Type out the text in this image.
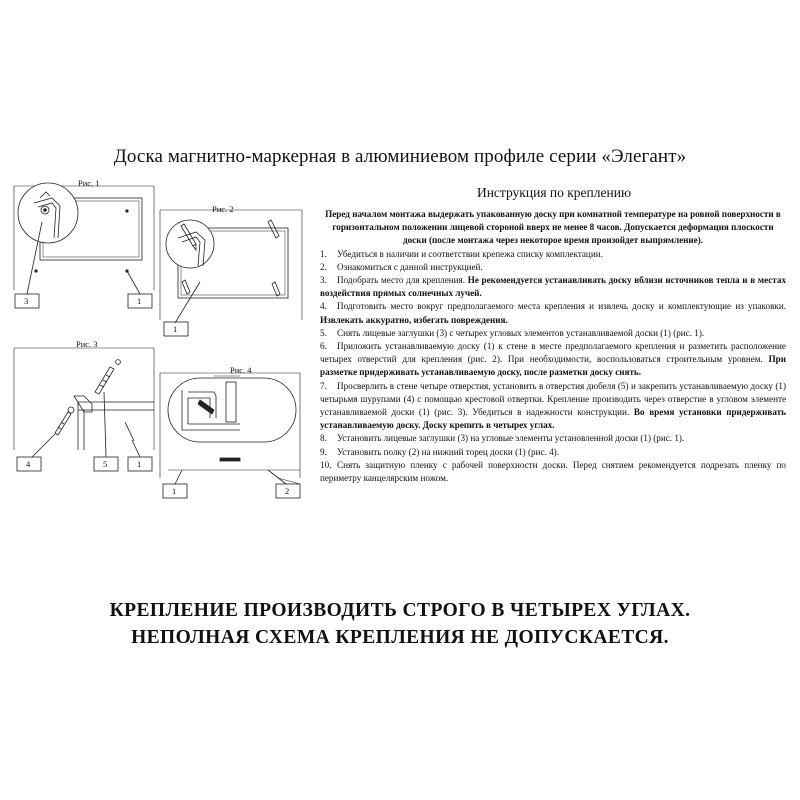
Доска магнитно-маркерная в алюминиевом профиле серии «Элегант»
Рис. 1
3	1
Рис. 2
1
Рис. 3
4	5	1
Рис. 4
1	2
Инструкция по креплению

Перед началом монтажа выдержать упакованную доску при комнатной температуре на ровной поверхности в горизонтальном положении лицевой стороной вверх не менее 8 часов. Допускается деформация плоскости доски (после монтажа через некоторое время произойдет выпрямление).

1. Убедиться в наличии и соответствии крепежа списку комплектации.

2. Ознакомиться с данной инструкцией.

3. Подобрать место для крепления. Не рекомендуется устанавливать доску вблизи источников тепла и в местах воздействия прямых солнечных лучей.

4. Подготовить место вокруг предполагаемого места крепления и извлечь доску и комплектующие из упаковки. Извлекать аккуратно, избегать повреждения.

5. Снять лицевые заглушки (3) с четырех угловых элементов устанавливаемой доски (1) (рис. 1).

6. Приложить устанавливаемую доску (1) к стене в месте предполагаемого крепления и разметить расположение четырех отверстий для крепления (рис. 2). При необходимости, воспользоваться строительным уровнем. При разметке придерживать устанавливаемую доску, после разметки доску снять.

7. Просверлить в стене четыре отверстия, установить в отверстия дюбеля (5) и закрепить устанавливаемую доску (1) четырьмя шурупами (4) с помощью крестовой отвертки. Крепление производить через отверстие в угловом элементе устанавливаемой доски (1) (рис. 3). Убедиться в надежности конструкции. Во время установки придерживать устанавливаемую доску. Доску крепить в четырех углах.

8. Установить лицевые заглушки (3) на угловые элементы установленной доски (1) (рис. 1).

9. Установить полку (2) на нижний торец доски (1) (рис. 4).

10. Снять защитную пленку с рабочей поверхности доски. Перед снятием рекомендуется подрезать пленку по периметру канцелярским ножом.

КРЕПЛЕНИЕ ПРОИЗВОДИТЬ СТРОГО В ЧЕТЫРЕХ УГЛАХ.
НЕПОЛНАЯ СХЕМА КРЕПЛЕНИЯ НЕ ДОПУСКАЕТСЯ.
